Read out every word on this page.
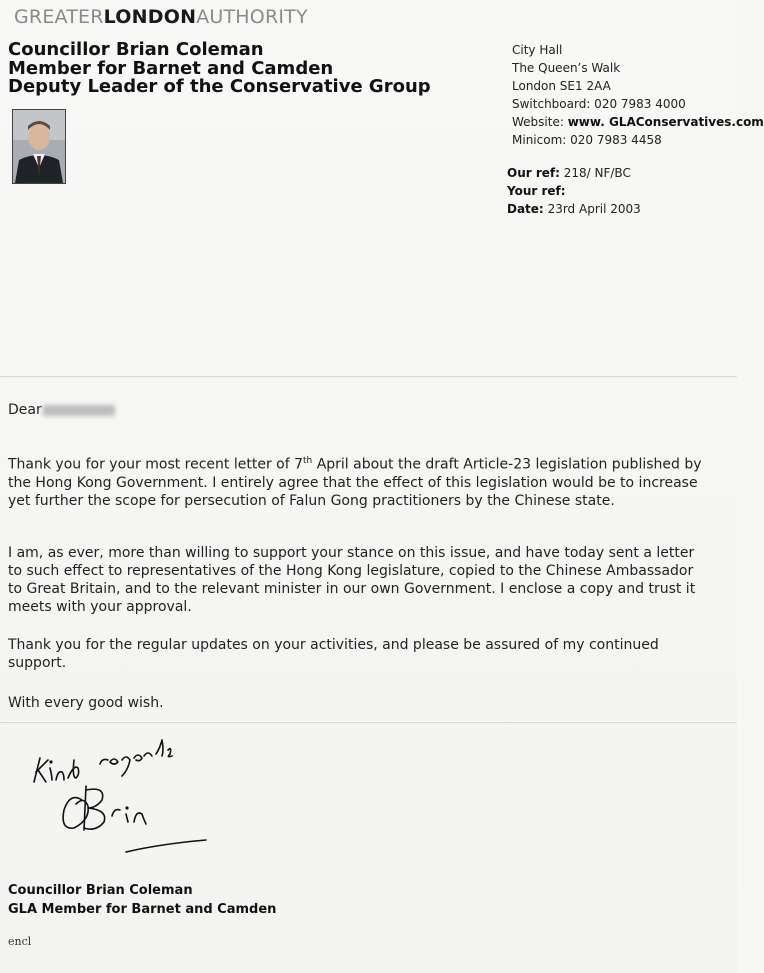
GREATERLONDONAUTHORITY
Councillor Brian Coleman
Member for Barnet and Camden
Deputy Leader of the Conservative Group
City Hall
The Queen’s Walk
London SE1 2AA
Switchboard: 020 7983 4000
Website: www. GLAConservatives.com
Minicom: 020 7983 4458
Our ref: 218/ NF/BC
Your ref:
Date: 23rd April 2003
Dear
Thank you for your most recent letter of 7th April about the draft Article-23 legislation published by the Hong Kong Government. I entirely agree that the effect of this legislation would be to increase yet further the scope for persecution of Falun Gong practitioners by the Chinese state.
I am, as ever, more than willing to support your stance on this issue, and have today sent a letter to such effect to representatives of the Hong Kong legislature, copied to the Chinese Ambassador to Great Britain, and to the relevant minister in our own Government. I enclose a copy and trust it meets with your approval.
Thank you for the regular updates on your activities, and please be assured of my continued support.
With every good wish.
Councillor Brian Coleman
GLA Member for Barnet and Camden
encl
